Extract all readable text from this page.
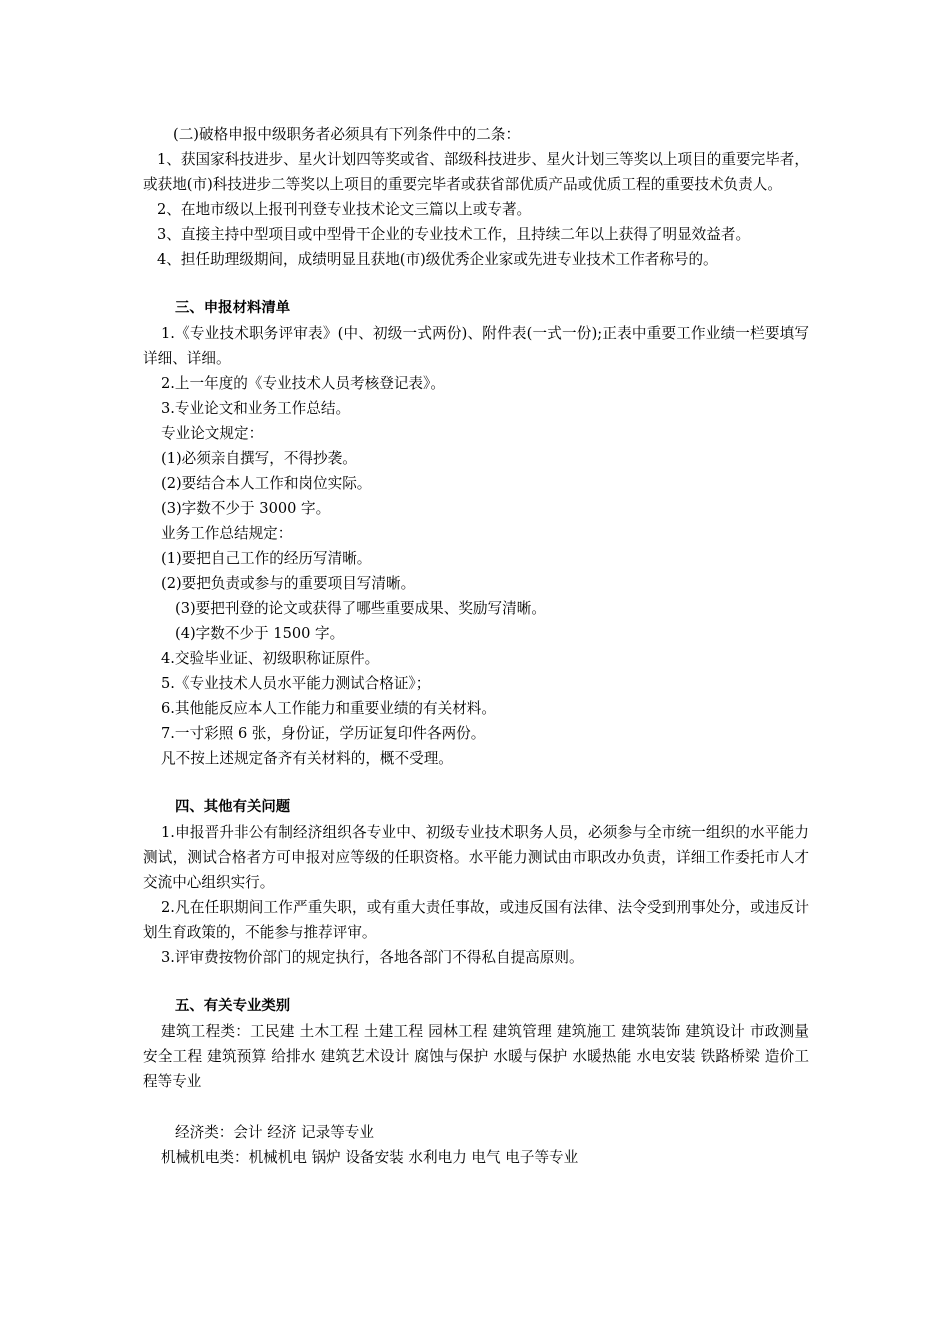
(二)破格申报中级职务者必须具有下列条件中的二条：

1、获国家科技进步、星火计划四等奖或省、部级科技进步、星火计划三等奖以上项目的重要完毕者，或获地(市)科技进步二等奖以上项目的重要完毕者或获省部优质产品或优质工程的重要技术负责人。

2、在地市级以上报刊刊登专业技术论文三篇以上或专著。

3、直接主持中型项目或中型骨干企业的专业技术工作，且持续二年以上获得了明显效益者。

4、担任助理级期间，成绩明显且获地(市)级优秀企业家或先进专业技术工作者称号的。

三、申报材料清单

1.《专业技术职务评审表》(中、初级一式两份)、附件表(一式一份);正表中重要工作业绩一栏要填写详细、详细。

2.上一年度的《专业技术人员考核登记表》。

3.专业论文和业务工作总结。

专业论文规定：

(1)必须亲自撰写，不得抄袭。

(2)要结合本人工作和岗位实际。

(3)字数不少于 3000 字。

业务工作总结规定：

(1)要把自己工作的经历写清晰。

(2)要把负责或参与的重要项目写清晰。

(3)要把刊登的论文或获得了哪些重要成果、奖励写清晰。

(4)字数不少于 1500 字。

4.交验毕业证、初级职称证原件。

5.《专业技术人员水平能力测试合格证》；

6.其他能反应本人工作能力和重要业绩的有关材料。

7.一寸彩照 6 张，身份证，学历证复印件各两份。

凡不按上述规定备齐有关材料的，概不受理。

四、其他有关问题

1.申报晋升非公有制经济组织各专业中、初级专业技术职务人员，必须参与全市统一组织的水平能力测试，测试合格者方可申报对应等级的任职资格。水平能力测试由市职改办负责，详细工作委托市人才交流中心组织实行。

2.凡在任职期间工作严重失职，或有重大责任事故，或违反国有法律、法令受到刑事处分，或违反计划生育政策的，不能参与推荐评审。

3.评审费按物价部门的规定执行，各地各部门不得私自提高原则。

五、有关专业类别

建筑工程类：工民建 土木工程 土建工程 园林工程 建筑管理 建筑施工 建筑装饰 建筑设计 市政测量 安全工程 建筑预算 给排水 建筑艺术设计 腐蚀与保护 水暖与保护 水暖热能 水电安装 铁路桥梁 造价工程等专业

经济类：会计 经济 记录等专业

机械机电类：机械机电 锅炉 设备安装 水利电力 电气 电子等专业
